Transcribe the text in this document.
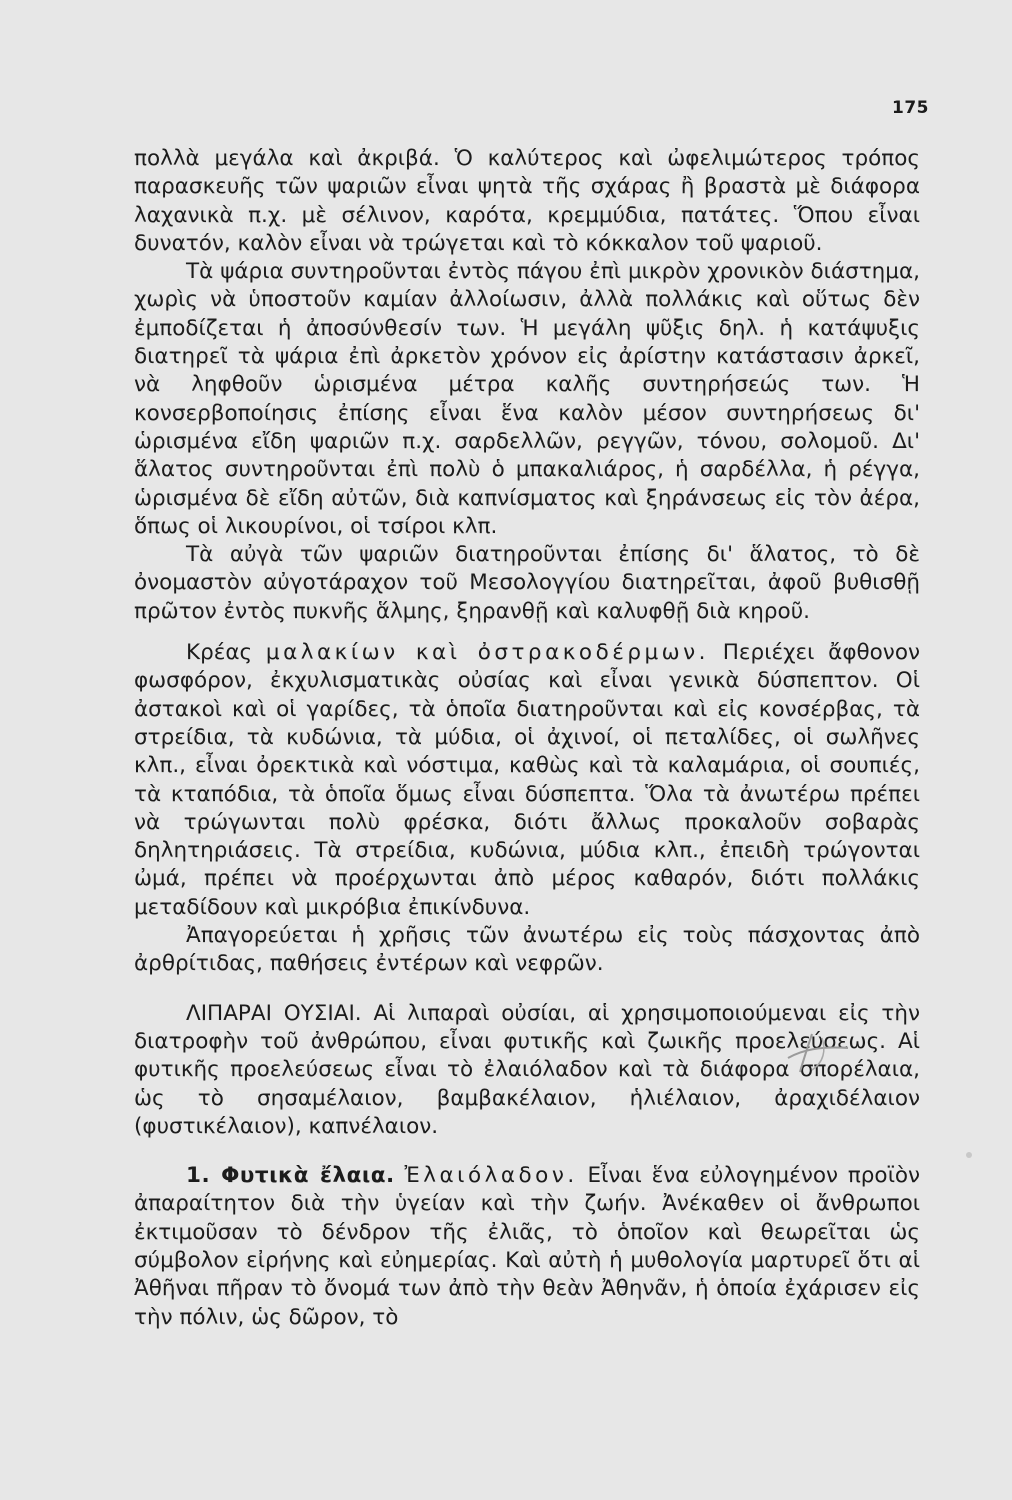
175

πολλὰ μεγάλα καὶ ἀκριβά. Ὁ καλύτερος καὶ ὠφελιμώτερος τρόπος παρασκευῆς τῶν ψαριῶν εἶναι ψητὰ τῆς σχάρας ἢ βραστὰ μὲ διάφορα λαχανικὰ π.χ. μὲ σέλινον, καρότα, κρεμμύδια, πατάτες. Ὅπου εἶναι δυνατόν, καλὸν εἶναι νὰ τρώγεται καὶ τὸ κόκκαλον τοῦ ψαριοῦ.

Τὰ ψάρια συντηροῦνται ἐντὸς πάγου ἐπὶ μικρὸν χρονικὸν διάστημα, χωρὶς νὰ ὑποστοῦν καμίαν ἀλλοίωσιν, ἀλλὰ πολλάκις καὶ οὕτως δὲν ἐμποδίζεται ἡ ἀποσύνθεσίν των. Ἡ μεγάλη ψῦξις δηλ. ἡ κατάψυξις διατηρεῖ τὰ ψάρια ἐπὶ ἀρκετὸν χρόνον εἰς ἀρίστην κατάστασιν ἀρκεῖ, νὰ ληφθοῦν ὡρισμένα μέτρα καλῆς συντηρήσεώς των. Ἡ κονσερβοποίησις ἐπίσης εἶναι ἕνα καλὸν μέσον συντηρήσεως δι' ὡρισμένα εἴδη ψαριῶν π.χ. σαρδελλῶν, ρεγγῶν, τόνου, σολομοῦ. Δι' ἅλατος συντηροῦνται ἐπὶ πολὺ ὁ μπακαλιάρος, ἡ σαρδέλλα, ἡ ρέγγα, ὡρισμένα δὲ εἴδη αὐτῶν, διὰ καπνίσματος καὶ ξηράνσεως εἰς τὸν ἀέρα, ὅπως οἱ λικουρίνοι, οἱ τσίροι κλπ.

Τὰ αὐγὰ τῶν ψαριῶν διατηροῦνται ἐπίσης δι' ἅλατος, τὸ δὲ ὀνομαστὸν αὐγοτάραχον τοῦ Μεσολογγίου διατηρεῖται, ἀφοῦ βυθισθῇ πρῶτον ἐντὸς πυκνῆς ἅλμης, ξηρανθῇ καὶ καλυφθῇ διὰ κηροῦ.

Κρέας μαλακίων καὶ ὀστρακοδέρμων. Περιέχει ἄφθονον φωσφόρον, ἐκχυλισματικὰς οὐσίας καὶ εἶναι γενικὰ δύσπεπτον. Οἱ ἀστακοὶ καὶ οἱ γαρίδες, τὰ ὁποῖα διατηροῦνται καὶ εἰς κονσέρβας, τὰ στρείδια, τὰ κυδώνια, τὰ μύδια, οἱ ἀχινοί, οἱ πεταλίδες, οἱ σωλῆνες κλπ., εἶναι ὀρεκτικὰ καὶ νόστιμα, καθὼς καὶ τὰ καλαμάρια, οἱ σουπιές, τὰ κταπόδια, τὰ ὁποῖα ὅμως εἶναι δύσπεπτα. Ὅλα τὰ ἀνωτέρω πρέπει νὰ τρώγωνται πολὺ φρέσκα, διότι ἄλλως προκαλοῦν σοβαρὰς δηλητηριάσεις. Τὰ στρείδια, κυδώνια, μύδια κλπ., ἐπειδὴ τρώγονται ὠμά, πρέπει νὰ προέρχωνται ἀπὸ μέρος καθαρόν, διότι πολλάκις μεταδίδουν καὶ μικρόβια ἐπικίνδυνα.

Ἀπαγορεύεται ἡ χρῆσις τῶν ἀνωτέρω εἰς τοὺς πάσχοντας ἀπὸ ἀρθρίτιδας, παθήσεις ἐντέρων καὶ νεφρῶν.

ΛΙΠΑΡΑΙ ΟΥΣΙΑΙ. Αἱ λιπαραὶ οὐσίαι, αἱ χρησιμοποιούμεναι εἰς τὴν διατροφὴν τοῦ ἀνθρώπου, εἶναι φυτικῆς καὶ ζωικῆς προελεύσεως. Αἱ φυτικῆς προελεύσεως εἶναι τὸ ἐλαιόλαδον καὶ τὰ διάφορα σπορέλαια, ὡς τὸ σησαμέλαιον, βαμβακέλαιον, ἡλιέλαιον, ἀραχιδέλαιον (φυστικέλαιον), καπνέλαιον.

1. Φυτικὰ ἔλαια. Ἐλαιόλαδον. Εἶναι ἕνα εὐλογημένον προϊὸν ἀπαραίτητον διὰ τὴν ὑγείαν καὶ τὴν ζωήν. Ἀνέκαθεν οἱ ἄνθρωποι ἐκτιμοῦσαν τὸ δένδρον τῆς ἐλιᾶς, τὸ ὁποῖον καὶ θεωρεῖται ὡς σύμβολον εἰρήνης καὶ εὐημερίας. Καὶ αὐτὴ ἡ μυθολογία μαρτυρεῖ ὅτι αἱ Ἀθῆναι πῆραν τὸ ὄνομά των ἀπὸ τὴν θεὰν Ἀθηνᾶν, ἡ ὁποία ἐχάρισεν εἰς τὴν πόλιν, ὡς δῶρον, τὸ
